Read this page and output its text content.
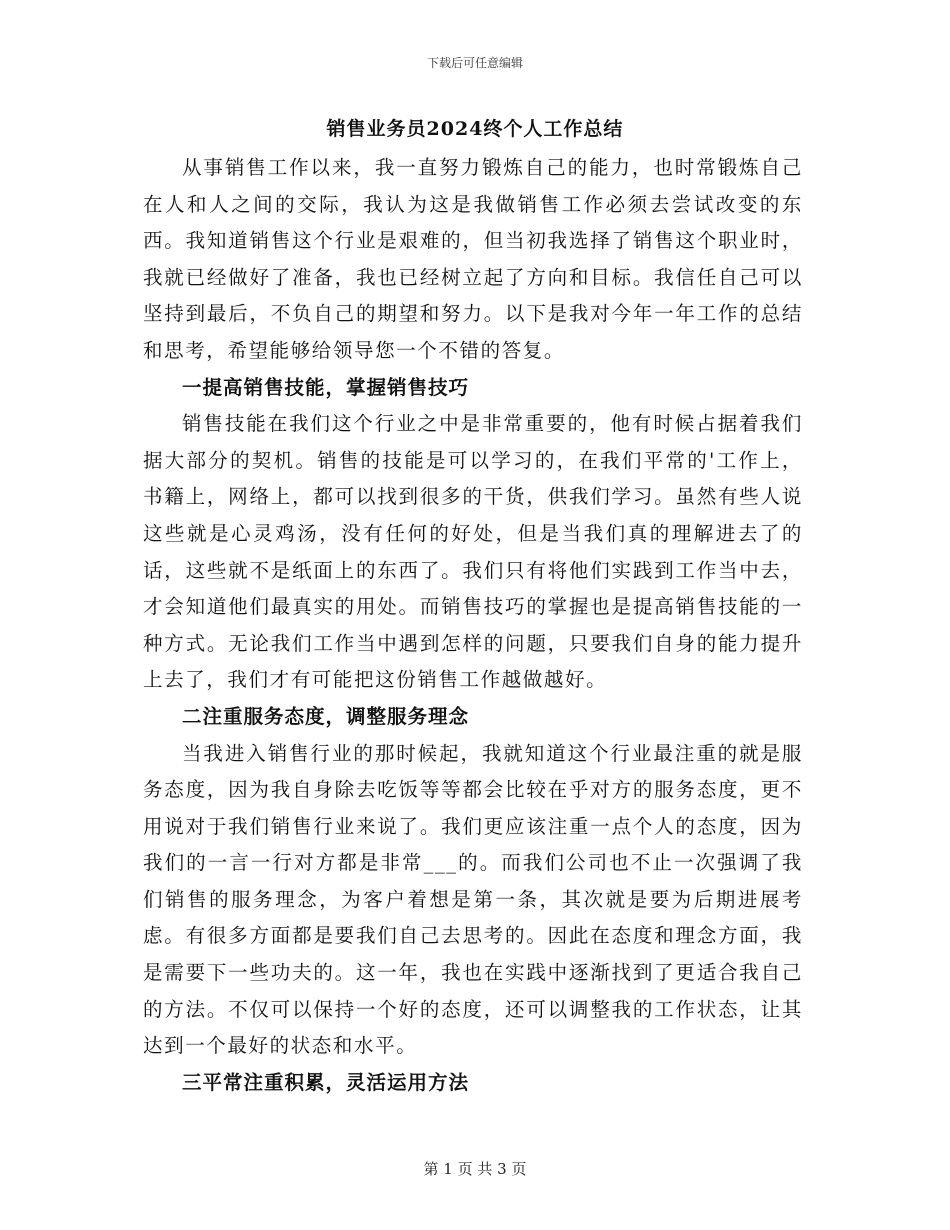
下载后可任意编辑
销售业务员2024终个人工作总结

从事销售工作以来，我一直努力锻炼自己的能力，也时常锻炼自己在人和人之间的交际，我认为这是我做销售工作必须去尝试改变的东西。我知道销售这个行业是艰难的，但当初我选择了销售这个职业时，我就已经做好了准备，我也已经树立起了方向和目标。我信任自己可以坚持到最后，不负自己的期望和努力。以下是我对今年一年工作的总结和思考，希望能够给领导您一个不错的答复。

一提高销售技能，掌握销售技巧

销售技能在我们这个行业之中是非常重要的，他有时候占据着我们据大部分的契机。销售的技能是可以学习的，在我们平常的'工作上，书籍上，网络上，都可以找到很多的干货，供我们学习。虽然有些人说这些就是心灵鸡汤，没有任何的好处，但是当我们真的理解进去了的话，这些就不是纸面上的东西了。我们只有将他们实践到工作当中去，才会知道他们最真实的用处。而销售技巧的掌握也是提高销售技能的一种方式。无论我们工作当中遇到怎样的问题，只要我们自身的能力提升上去了，我们才有可能把这份销售工作越做越好。

二注重服务态度，调整服务理念

当我进入销售行业的那时候起，我就知道这个行业最注重的就是服务态度，因为我自身除去吃饭等等都会比较在乎对方的服务态度，更不用说对于我们销售行业来说了。我们更应该注重一点个人的态度，因为我们的一言一行对方都是非常___的。而我们公司也不止一次强调了我们销售的服务理念，为客户着想是第一条，其次就是要为后期进展考虑。有很多方面都是要我们自己去思考的。因此在态度和理念方面，我是需要下一些功夫的。这一年，我也在实践中逐渐找到了更适合我自己的方法。不仅可以保持一个好的态度，还可以调整我的工作状态，让其达到一个最好的状态和水平。

三平常注重积累，灵活运用方法

第 1 页 共 3 页
